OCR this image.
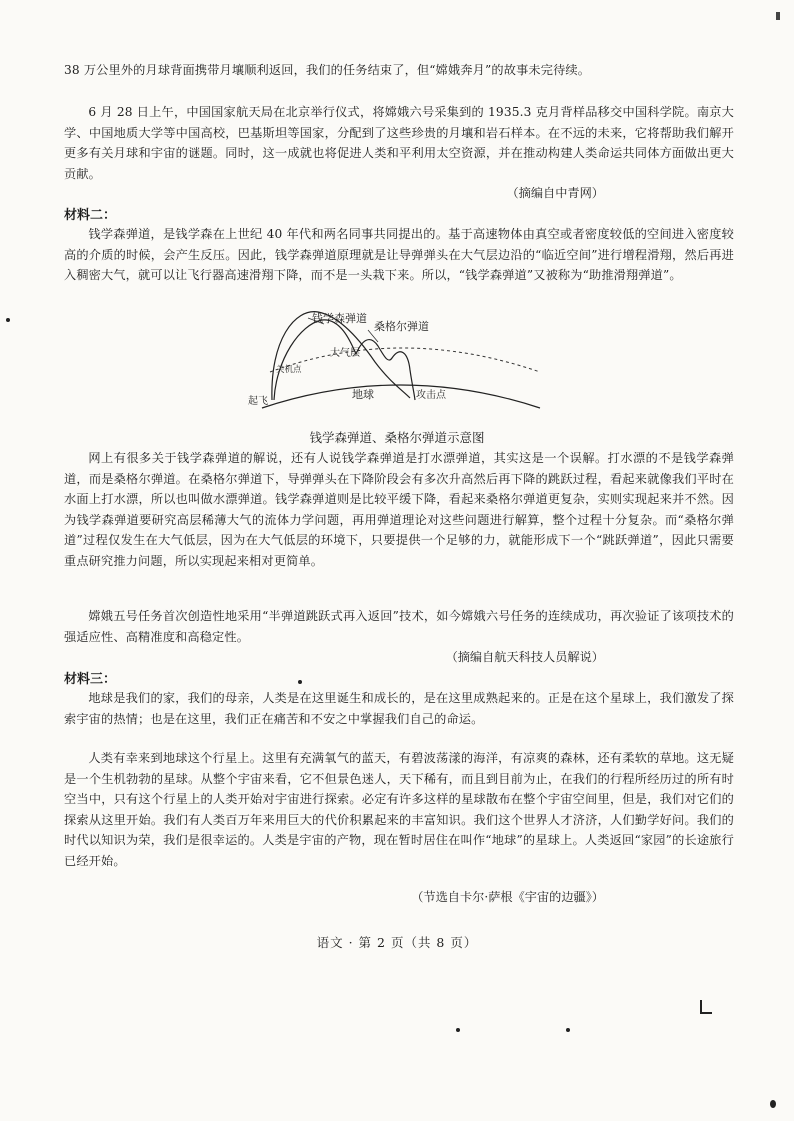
38 万公里外的月球背面携带月壤顺利返回，我们的任务结束了，但“嫦娥奔月”的故事未完待续。

6 月 28 日上午，中国国家航天局在北京举行仪式，将嫦娥六号采集到的 1935.3 克月背样品移交中国科学院。南京大学、中国地质大学等中国高校，巴基斯坦等国家，分配到了这些珍贵的月壤和岩石样本。在不远的未来，它将帮助我们解开更多有关月球和宇宙的谜题。同时，这一成就也将促进人类和平利用太空资源，并在推动构建人类命运共同体方面做出更大贡献。

（摘编自中青网）

材料二：

钱学森弹道，是钱学森在上世纪 40 年代和两名同事共同提出的。基于高速物体由真空或者密度较低的空间进入密度较高的介质的时候，会产生反压。因此，钱学森弹道原理就是让导弹弹头在大气层边沿的“临近空间”进行增程滑翔，然后再进入稠密大气，就可以让飞行器高速滑翔下降，而不是一头栽下来。所以，“钱学森弹道”又被称为“助推滑翔弹道”。

钱学森弹道
桑格尔弹道
大气层
关机点
地球
起飞
攻击点

钱学森弹道、桑格尔弹道示意图

网上有很多关于钱学森弹道的解说，还有人说钱学森弹道是打水漂弹道，其实这是一个误解。打水漂的不是钱学森弹道，而是桑格尔弹道。在桑格尔弹道下，导弹弹头在下降阶段会有多次升高然后再下降的跳跃过程，看起来就像我们平时在水面上打水漂，所以也叫做水漂弹道。钱学森弹道则是比较平缓下降，看起来桑格尔弹道更复杂，实则实现起来并不然。因为钱学森弹道要研究高层稀薄大气的流体力学问题，再用弹道理论对这些问题进行解算，整个过程十分复杂。而“桑格尔弹道”过程仅发生在大气低层，因为在大气低层的环境下，只要提供一个足够的力，就能形成下一个“跳跃弹道”，因此只需要重点研究推力问题，所以实现起来相对更简单。

嫦娥五号任务首次创造性地采用“半弹道跳跃式再入返回”技术，如今嫦娥六号任务的连续成功，再次验证了该项技术的强适应性、高精准度和高稳定性。

（摘编自航天科技人员解说）

材料三：

地球是我们的家，我们的母亲，人类是在这里诞生和成长的，是在这里成熟起来的。正是在这个星球上，我们激发了探索宇宙的热情；也是在这里，我们正在痛苦和不安之中掌握我们自己的命运。

人类有幸来到地球这个行星上。这里有充满氧气的蓝天，有碧波荡漾的海洋，有凉爽的森林，还有柔软的草地。这无疑是一个生机勃勃的星球。从整个宇宙来看，它不但景色迷人，天下稀有，而且到目前为止，在我们的行程所经历过的所有时空当中，只有这个行星上的人类开始对宇宙进行探索。必定有许多这样的星球散布在整个宇宙空间里，但是，我们对它们的探索从这里开始。我们有人类百万年来用巨大的代价积累起来的丰富知识。我们这个世界人才济济，人们勤学好问。我们的时代以知识为荣，我们是很幸运的。人类是宇宙的产物，现在暂时居住在叫作“地球”的星球上。人类返回“家园”的长途旅行已经开始。

（节选自卡尔·萨根《宇宙的边疆》）

语文 · 第 2 页（共 8 页）
